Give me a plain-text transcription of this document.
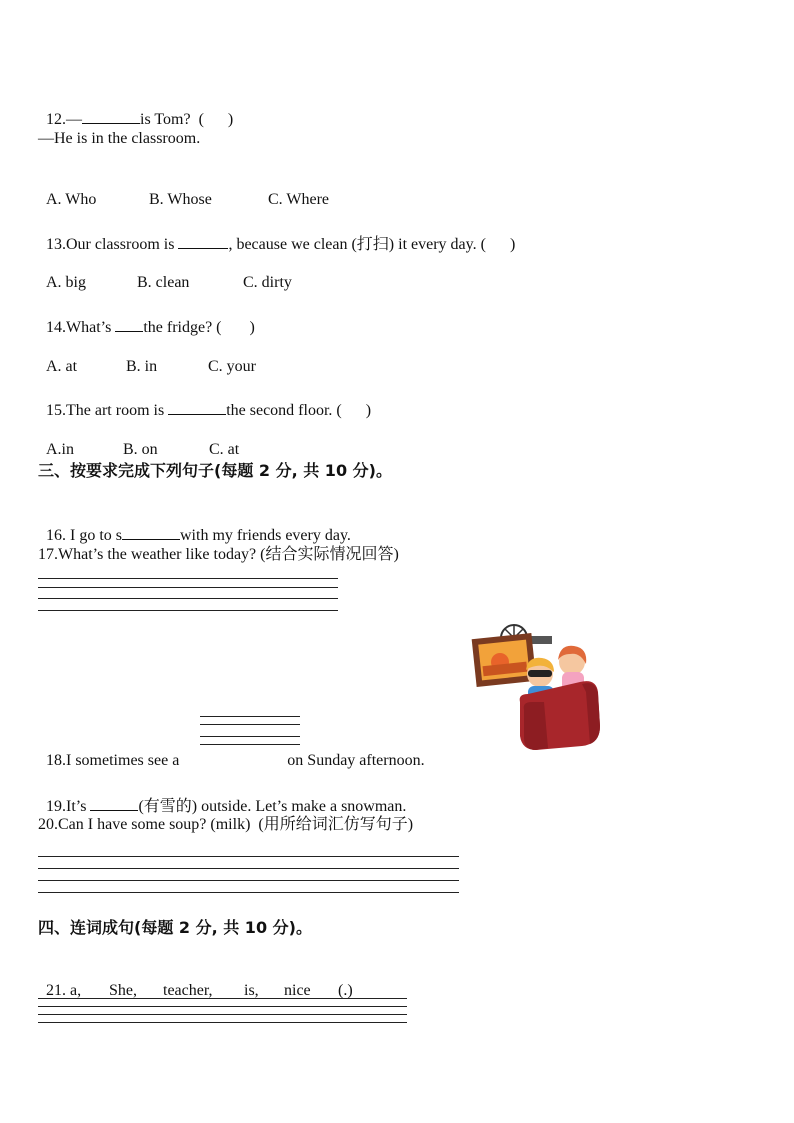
12.—	is Tom?  (      )

—He is in the classroom.

A. Who	B. Whose	C. Where

13.Our classroom is	, because we clean (打扫) it every day. (      )

A. big	B. clean	C. dirty

14.What’s the fridge? (       )

A. at	B. in	C. your

15.The art room is	the second floor. (      )

A.in	B. on	C. at

三、按要求完成下列句子(每题 2 分, 共 10 分)。

16. I go to s	with my friends every day.

17.What’s the weather like today? (结合实际情况回答)

18.I sometimes see a	on Sunday afternoon.

19.It’s	(有雪的) outside. Let’s make a snowman.

20.Can I have some soup? (milk)  (用所给词汇仿写句子)
四、连词成句(每题 2 分, 共 10 分)。

21. a, She, teacher, is, nice (.)
